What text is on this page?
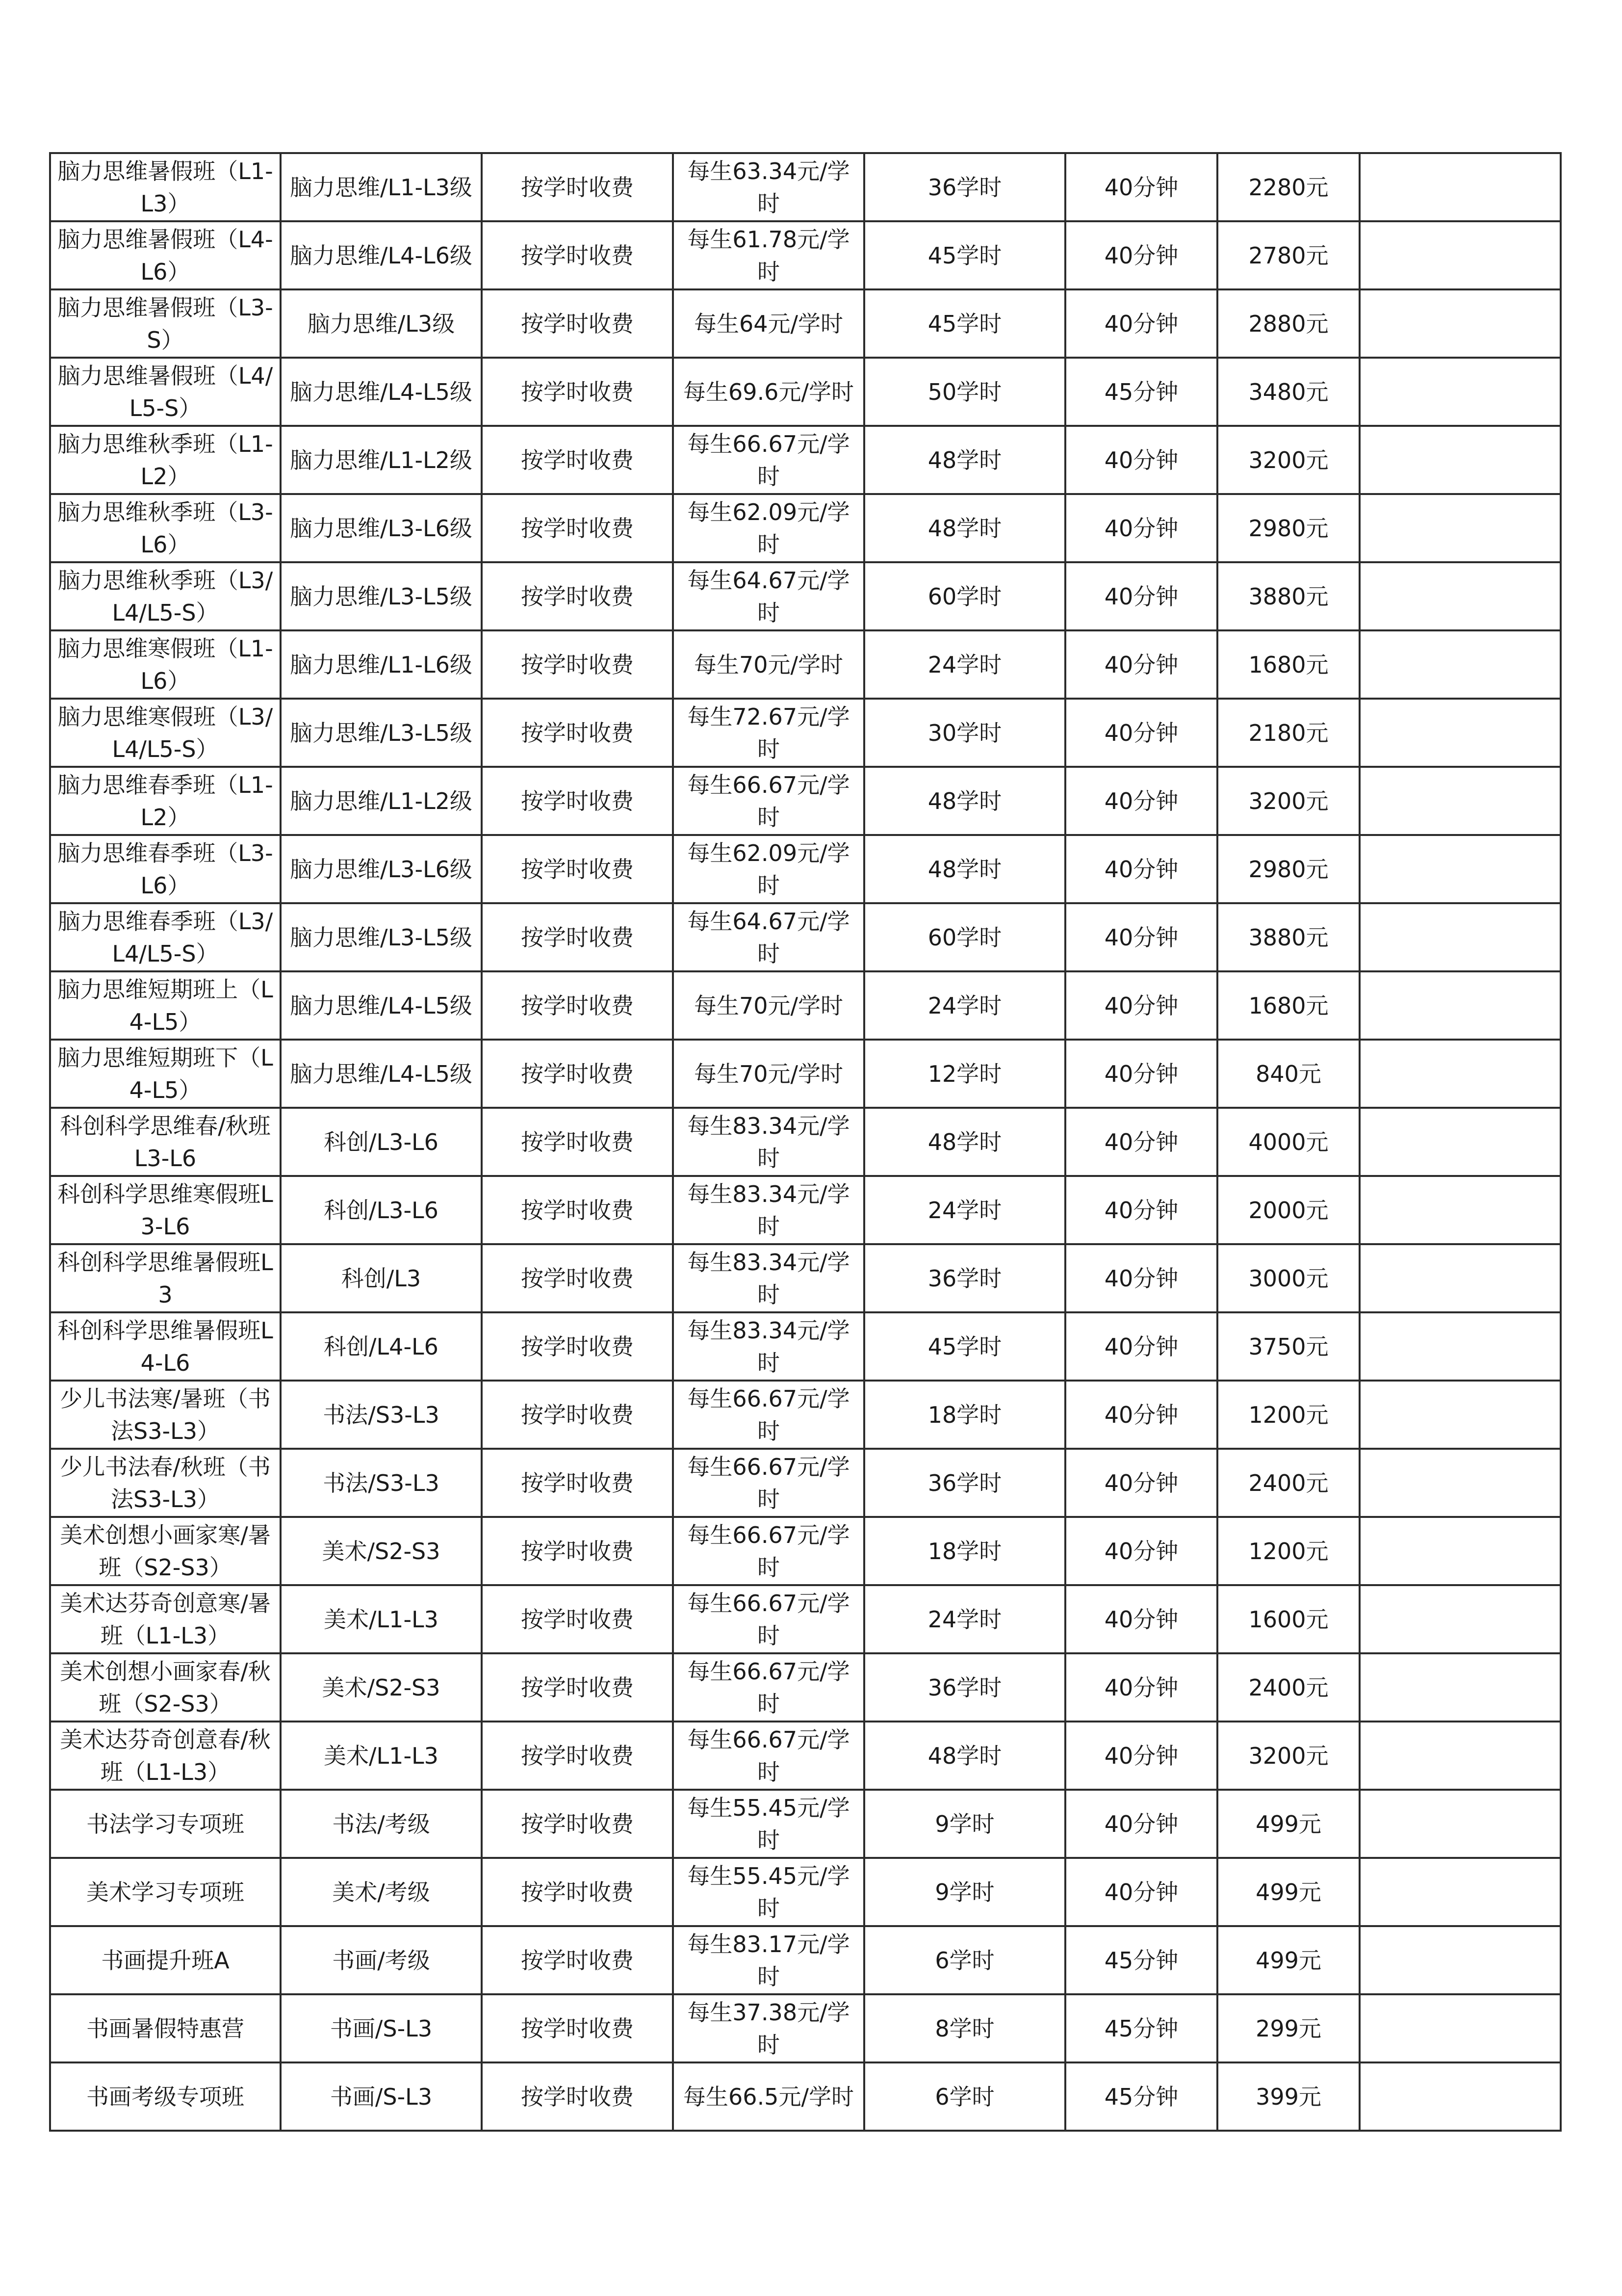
脑力思维暑假班（L1-L3）	脑力思维/L1-L3级	按学时收费	每生63.34元/学时	36学时	40分钟	2280元	

脑力思维暑假班（L4-L6）	脑力思维/L4-L6级	按学时收费	每生61.78元/学时	45学时	40分钟	2780元	

脑力思维暑假班（L3-S）	脑力思维/L3级	按学时收费	每生64元/学时	45学时	40分钟	2880元	

脑力思维暑假班（L4/L5-S）	脑力思维/L4-L5级	按学时收费	每生69.6元/学时	50学时	45分钟	3480元	

脑力思维秋季班（L1-L2）	脑力思维/L1-L2级	按学时收费	每生66.67元/学时	48学时	40分钟	3200元	

脑力思维秋季班（L3-L6）	脑力思维/L3-L6级	按学时收费	每生62.09元/学时	48学时	40分钟	2980元	

脑力思维秋季班（L3/L4/L5-S）	脑力思维/L3-L5级	按学时收费	每生64.67元/学时	60学时	40分钟	3880元	

脑力思维寒假班（L1-L6）	脑力思维/L1-L6级	按学时收费	每生70元/学时	24学时	40分钟	1680元	

脑力思维寒假班（L3/L4/L5-S）	脑力思维/L3-L5级	按学时收费	每生72.67元/学时	30学时	40分钟	2180元	

脑力思维春季班（L1-L2）	脑力思维/L1-L2级	按学时收费	每生66.67元/学时	48学时	40分钟	3200元	

脑力思维春季班（L3-L6）	脑力思维/L3-L6级	按学时收费	每生62.09元/学时	48学时	40分钟	2980元	

脑力思维春季班（L3/L4/L5-S）	脑力思维/L3-L5级	按学时收费	每生64.67元/学时	60学时	40分钟	3880元	

脑力思维短期班上（L4-L5）	脑力思维/L4-L5级	按学时收费	每生70元/学时	24学时	40分钟	1680元	

脑力思维短期班下（L4-L5）	脑力思维/L4-L5级	按学时收费	每生70元/学时	12学时	40分钟	840元	

科创科学思维春/秋班L3-L6	科创/L3-L6	按学时收费	每生83.34元/学时	48学时	40分钟	4000元	

科创科学思维寒假班L3-L6	科创/L3-L6	按学时收费	每生83.34元/学时	24学时	40分钟	2000元	

科创科学思维暑假班L3	科创/L3	按学时收费	每生83.34元/学时	36学时	40分钟	3000元	

科创科学思维暑假班L4-L6	科创/L4-L6	按学时收费	每生83.34元/学时	45学时	40分钟	3750元	

少儿书法寒/暑班（书法S3-L3）	书法/S3-L3	按学时收费	每生66.67元/学时	18学时	40分钟	1200元	

少儿书法春/秋班（书法S3-L3）	书法/S3-L3	按学时收费	每生66.67元/学时	36学时	40分钟	2400元	

美术创想小画家寒/暑班（S2-S3）	美术/S2-S3	按学时收费	每生66.67元/学时	18学时	40分钟	1200元	

美术达芬奇创意寒/暑班（L1-L3）	美术/L1-L3	按学时收费	每生66.67元/学时	24学时	40分钟	1600元	

美术创想小画家春/秋班（S2-S3）	美术/S2-S3	按学时收费	每生66.67元/学时	36学时	40分钟	2400元	

美术达芬奇创意春/秋班（L1-L3）	美术/L1-L3	按学时收费	每生66.67元/学时	48学时	40分钟	3200元	

书法学习专项班	书法/考级	按学时收费	每生55.45元/学时	9学时	40分钟	499元	

美术学习专项班	美术/考级	按学时收费	每生55.45元/学时	9学时	40分钟	499元	

书画提升班A	书画/考级	按学时收费	每生83.17元/学时	6学时	45分钟	499元	

书画暑假特惠营	书画/S-L3	按学时收费	每生37.38元/学时	8学时	45分钟	299元	

书画考级专项班	书画/S-L3	按学时收费	每生66.5元/学时	6学时	45分钟	399元	
